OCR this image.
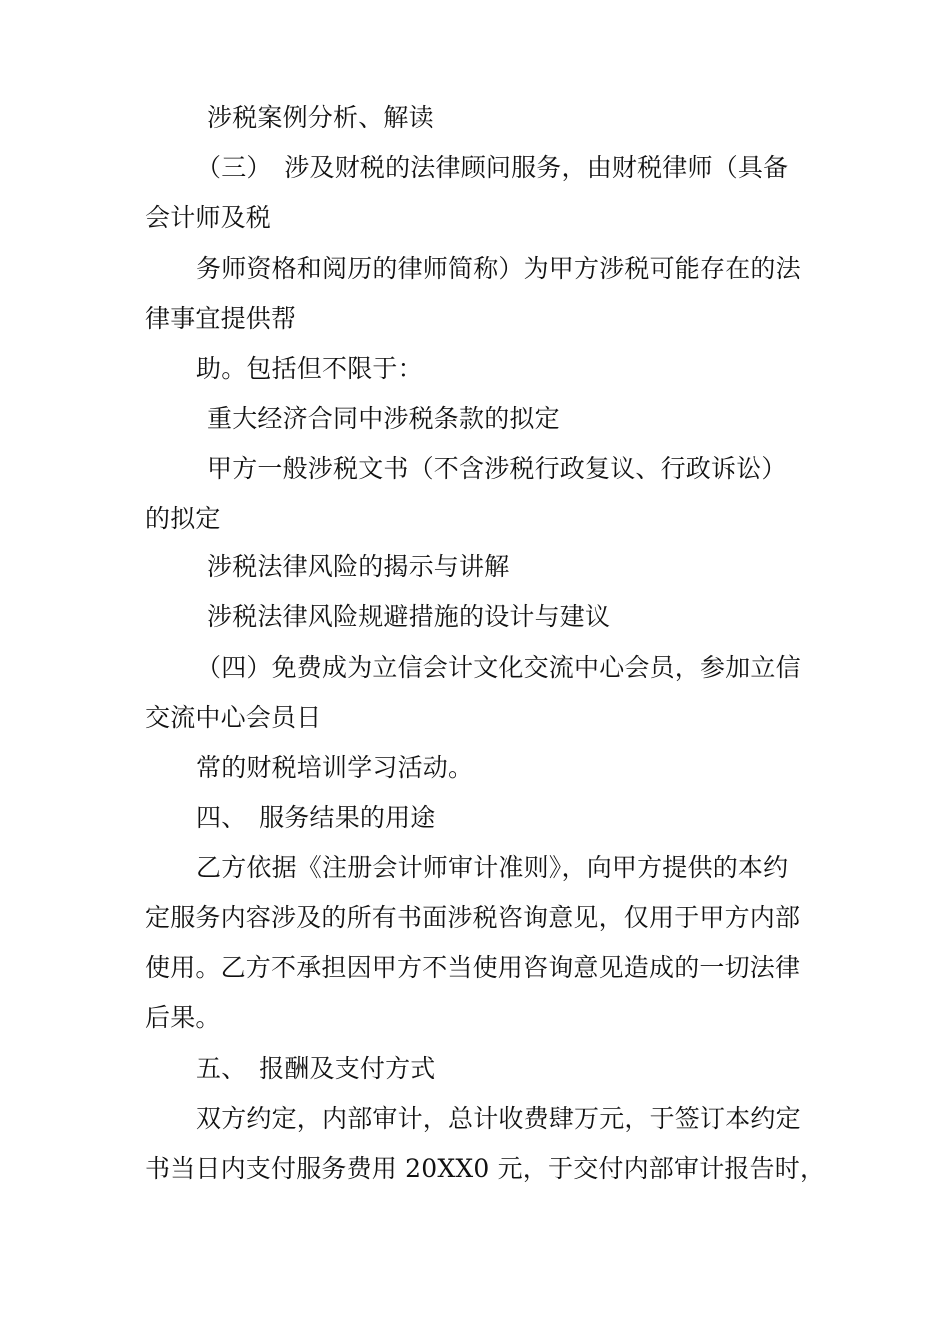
涉税案例分析、解读
（三）　涉及财税的法律顾问服务，由财税律师（具备
会计师及税
务师资格和阅历的律师简称）为甲方涉税可能存在的法
律事宜提供帮
助。包括但不限于：
重大经济合同中涉税条款的拟定
甲方一般涉税文书（不含涉税行政复议、行政诉讼）
的拟定
涉税法律风险的揭示与讲解
涉税法律风险规避措施的设计与建议
（四）免费成为立信会计文化交流中心会员，参加立信
交流中心会员日
常的财税培训学习活动。
四、　服务结果的用途
乙方依据《注册会计师审计准则》，向甲方提供的本约
定服务内容涉及的所有书面涉税咨询意见，仅用于甲方内部
使用。乙方不承担因甲方不当使用咨询意见造成的一切法律
后果。
五、　报酬及支付方式
双方约定，内部审计，总计收费肆万元，于签订本约定
书当日内支付服务费用 20XX0 元，于交付内部审计报告时，
